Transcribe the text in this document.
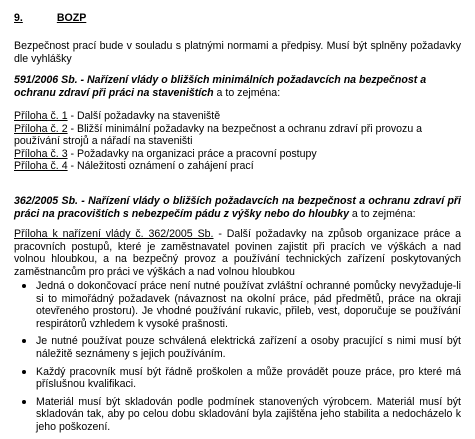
9.	BOZP
Bezpečnost prací bude v souladu s platnými normami a předpisy. Musí být splněny požadavky dle vyhlášky
591/2006 Sb. - Nařízení vlády o bližších minimálních požadavcích na bezpečnost a ochranu zdraví při práci na staveništích a to zejména:
Příloha č. 1 - Další požadavky na staveniště
Příloha č. 2 - Bližší minimální požadavky na bezpečnost a ochranu zdraví při provozu a používání strojů a nářadí na staveništi
Příloha č. 3 - Požadavky na organizaci práce a pracovní postupy
Příloha č. 4 - Náležitosti oznámení o zahájení prací
362/2005 Sb. - Nařízení vlády o bližších požadavcích na bezpečnost a ochranu zdraví při práci na pracovištích s nebezpečím pádu z výšky nebo do hloubky a to zejména:
Příloha k nařízení vlády č. 362/2005 Sb. - Další požadavky na způsob organizace práce a pracovních postupů, které je zaměstnavatel povinen zajistit při pracích ve výškách a nad volnou hloubkou, a na bezpečný provoz a používání technických zařízení poskytovaných zaměstnancům pro práci ve výškách a nad volnou hloubkou
Jedná o dokončovací práce není nutné používat zvláštní ochranné pomůcky nevyžaduje-li si to mimořádný požadavek (návaznost na okolní práce, pád předmětů, práce na okraji otevřeného prostoru). Je vhodné používání rukavic, přileb, vest, doporučuje se používání respirátorů vzhledem k vysoké prašnosti.
Je nutné používat pouze schválená elektrická zařízení a osoby pracující s nimi musí být náležitě seznámeny s jejich používáním.
Každý pracovník musí být řádně proškolen a může provádět pouze práce, pro které má příslušnou kvalifikaci.
Materiál musí být skladován podle podmínek stanovených výrobcem. Materiál musí být skladován tak, aby po celou dobu skladování byla zajištěna jeho stabilita a nedocházelo k jeho poškození.
